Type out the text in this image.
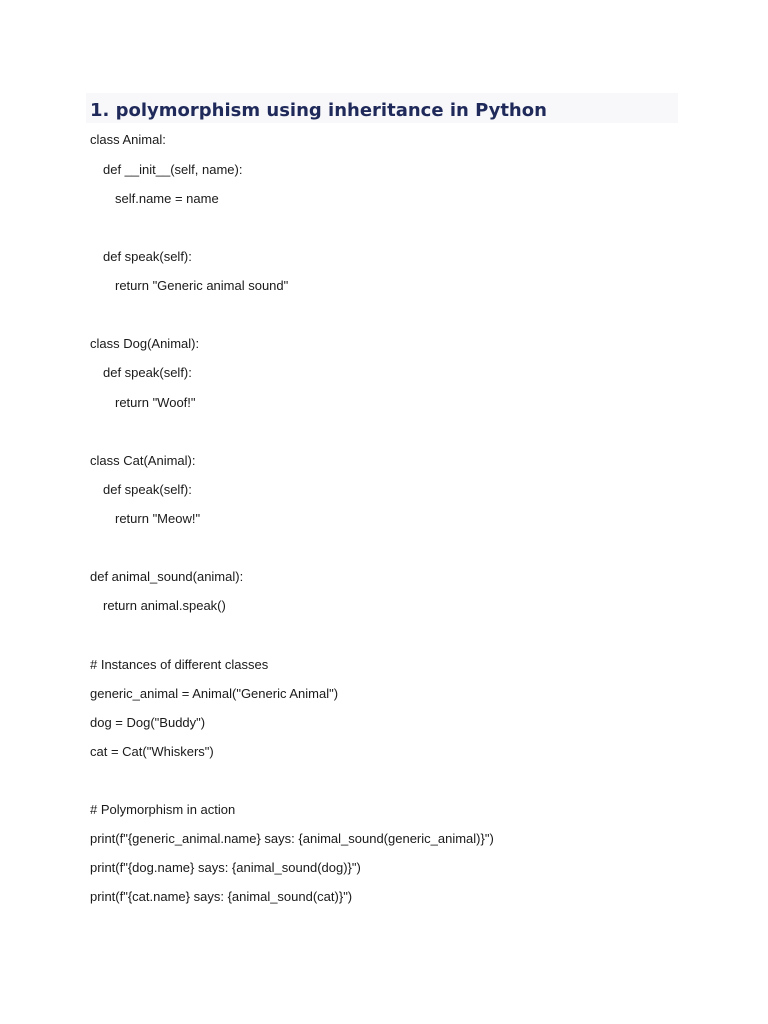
1. polymorphism using inheritance in Python

class Animal:

def __init__(self, name):

self.name = name

def speak(self):

return "Generic animal sound"

class Dog(Animal):

def speak(self):

return "Woof!"

class Cat(Animal):

def speak(self):

return "Meow!"

def animal_sound(animal):

return animal.speak()

# Instances of different classes

generic_animal = Animal("Generic Animal")

dog = Dog("Buddy")

cat = Cat("Whiskers")

# Polymorphism in action

print(f"{generic_animal.name} says: {animal_sound(generic_animal)}")

print(f"{dog.name} says: {animal_sound(dog)}")

print(f"{cat.name} says: {animal_sound(cat)}")
